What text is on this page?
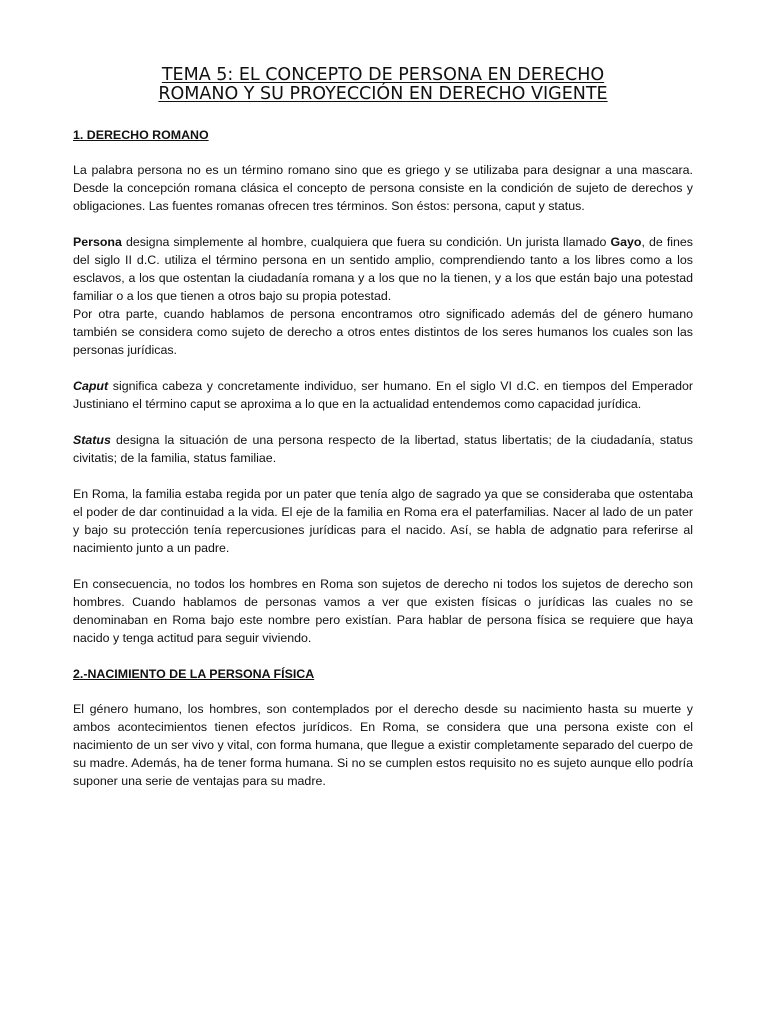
TEMA 5: EL CONCEPTO DE PERSONA EN DERECHO
ROMANO Y SU PROYECCIÓN EN DERECHO VIGENTE
1. DERECHO ROMANO

La palabra persona no es un término romano sino que es griego y se utilizaba para designar a una mascara. Desde la concepción romana clásica el concepto de persona consiste en la condición de sujeto de derechos y obligaciones. Las fuentes romanas ofrecen tres términos. Son éstos: persona, caput y status.

Persona designa simplemente al hombre, cualquiera que fuera su condición. Un jurista llamado Gayo, de fines del siglo II d.C. utiliza el término persona en un sentido amplio, comprendiendo tanto a los libres como a los esclavos, a los que ostentan la ciudadanía romana y a los que no la tienen, y a los que están bajo una potestad familiar o a los que tienen a otros bajo su propia potestad.

Por otra parte, cuando hablamos de persona encontramos otro significado además del de género humano también se considera como sujeto de derecho a otros entes distintos de los seres humanos los cuales son las personas jurídicas.

Caput significa cabeza y concretamente individuo, ser humano. En el siglo VI d.C. en tiempos del Emperador Justiniano el término caput se aproxima a lo que en la actualidad entendemos como capacidad jurídica.

Status designa la situación de una persona respecto de la libertad, status libertatis; de la ciudadanía, status civitatis; de la familia, status familiae.

En Roma, la familia estaba regida por un pater que tenía algo de sagrado ya que se consideraba que ostentaba el poder de dar continuidad a la vida. El eje de la familia en Roma era el paterfamilias. Nacer al lado de un pater y bajo su protección tenía repercusiones jurídicas para el nacido. Así, se habla de adgnatio para referirse al nacimiento junto a un padre.

En consecuencia, no todos los hombres en Roma son sujetos de derecho ni todos los sujetos de derecho son hombres. Cuando hablamos de personas vamos a ver que existen físicas o jurídicas las cuales no se denominaban en Roma bajo este nombre pero existían. Para hablar de persona física se requiere que haya nacido y tenga actitud para seguir viviendo.

2.-NACIMIENTO DE LA PERSONA FÍSICA

El género humano, los hombres, son contemplados por el derecho desde su nacimiento hasta su muerte y ambos acontecimientos tienen efectos jurídicos. En Roma, se considera que una persona existe con el nacimiento de un ser vivo y vital, con forma humana, que llegue a existir completamente separado del cuerpo de su madre. Además, ha de tener forma humana. Si no se cumplen estos requisito no es sujeto aunque ello podría suponer una serie de ventajas para su madre.
